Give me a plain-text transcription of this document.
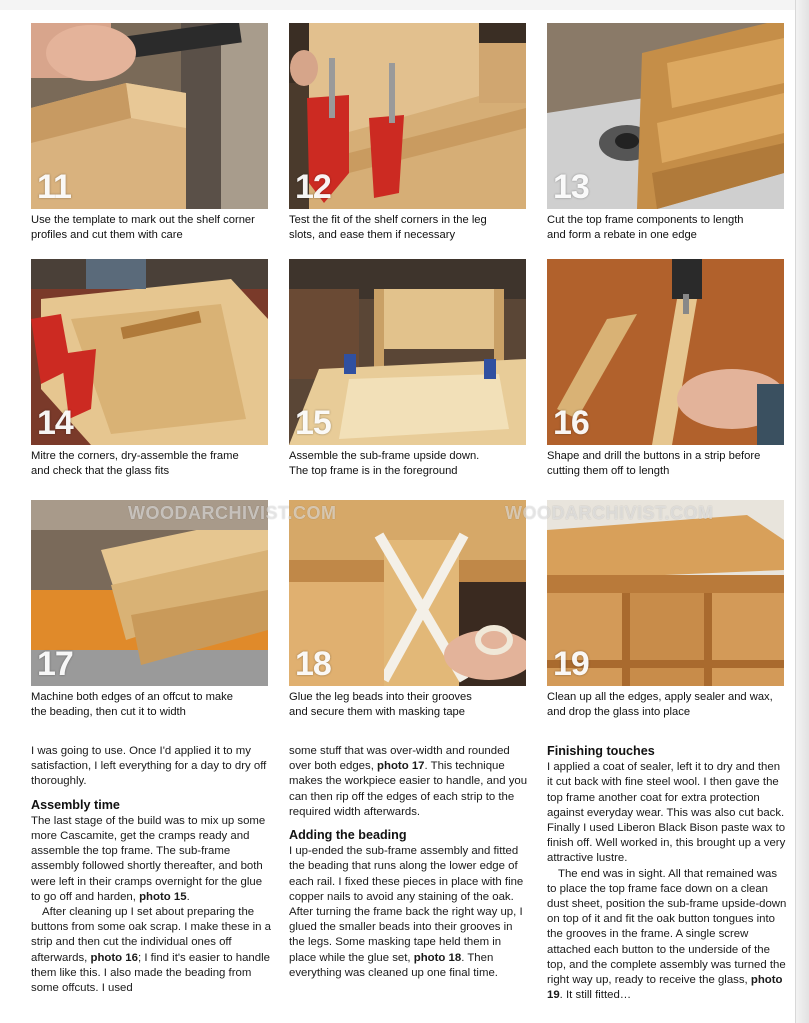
11
Use the template to mark out the shelf corner
profiles and cut them with care
12
Test the fit of the shelf corners in the leg
slots, and ease them if necessary
13
Cut the top frame components to length
and form a rebate in one edge
14
Mitre the corners, dry-assemble the frame
and check that the glass fits
15
Assemble the sub-frame upside down.
The top frame is in the foreground
16
Shape and drill the buttons in a strip before
cutting them off to length
17
Machine both edges of an offcut to make
the beading, then cut it to width
18
Glue the leg beads into their grooves
and secure them with masking tape
19
Clean up all the edges, apply sealer and wax,
and drop the glass into place
WOODARCHIVIST.COM	WOODARCHIVIST.COM

I was going to use. Once I'd applied it to my satisfaction, I left everything for a day to dry off thoroughly.

Assembly time

The last stage of the build was to mix up some more Cascamite, get the cramps ready and assemble the top frame. The sub-frame assembly followed shortly thereafter, and both were left in their cramps overnight for the glue to go off and harden, photo 15.

After cleaning up I set about preparing the buttons from some oak scrap. I make these in a strip and then cut the individual ones off afterwards, photo 16; I find it's easier to handle them like this. I also made the beading from some offcuts. I used

some stuff that was over-width and rounded over both edges, photo 17. This technique makes the workpiece easier to handle, and you can then rip off the edges of each strip to the required width afterwards.

Adding the beading

I up-ended the sub-frame assembly and fitted the beading that runs along the lower edge of each rail. I fixed these pieces in place with fine copper nails to avoid any staining of the oak. After turning the frame back the right way up, I glued the smaller beads into their grooves in the legs. Some masking tape held them in place while the glue set, photo 18. Then everything was cleaned up one final time.

Finishing touches

I applied a coat of sealer, left it to dry and then it cut back with fine steel wool. I then gave the top frame another coat for extra protection against everyday wear. This was also cut back. Finally I used Liberon Black Bison paste wax to finish off. Well worked in, this brought up a very attractive lustre.

The end was in sight. All that remained was to place the top frame face down on a clean dust sheet, position the sub-frame upside-down on top of it and fit the oak button tongues into the grooves in the frame. A single screw attached each button to the underside of the top, and the complete assembly was turned the right way up, ready to receive the glass, photo 19. It still fitted…
